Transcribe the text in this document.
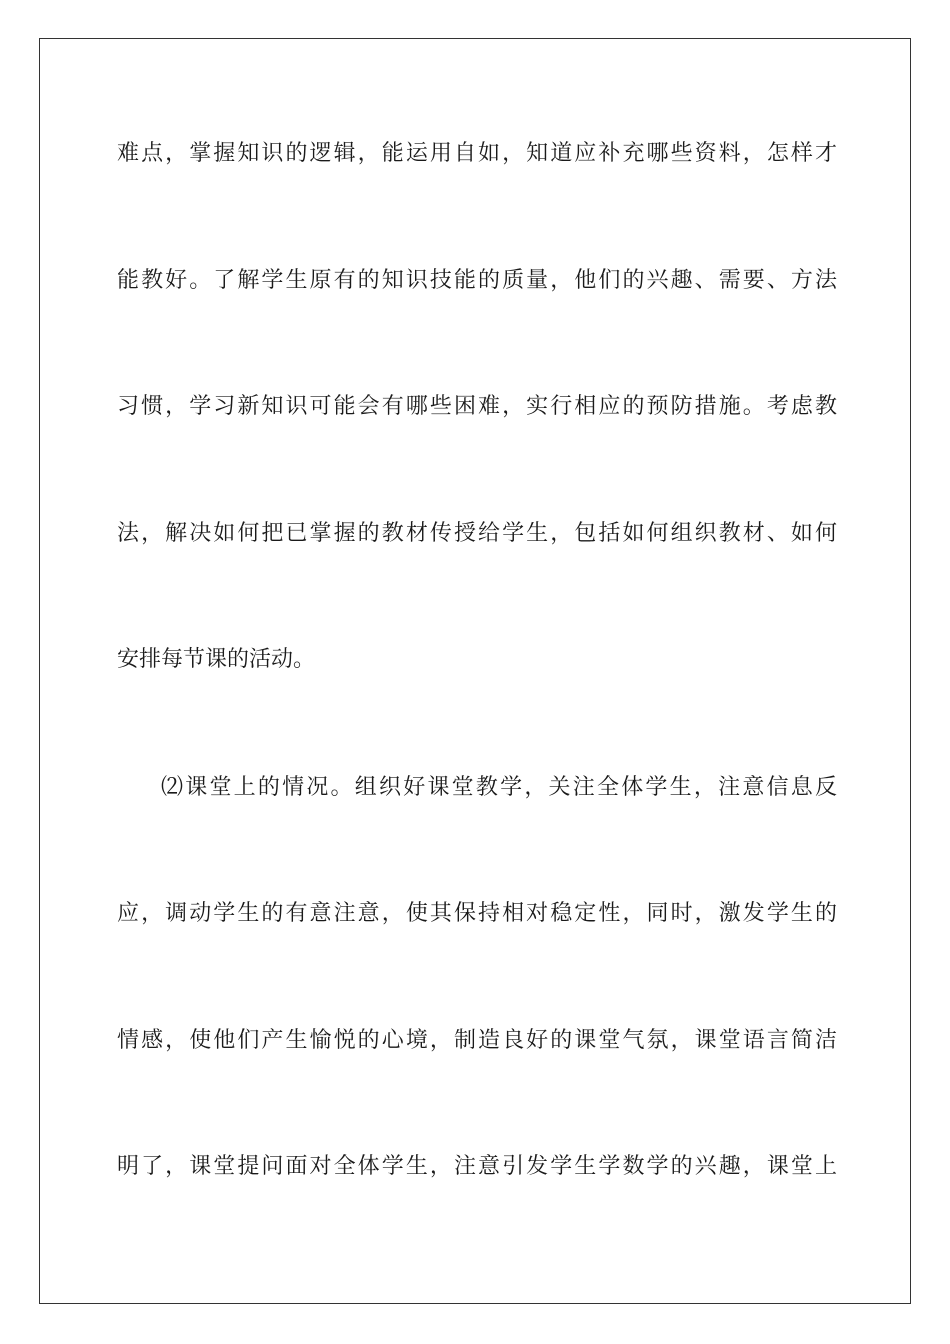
难点，掌握知识的逻辑，能运用自如，知道应补充哪些资料，怎样才

能教好。了解学生原有的知识技能的质量，他们的兴趣、需要、方法

习惯，学习新知识可能会有哪些困难，实行相应的预防措施。考虑教

法，解决如何把已掌握的教材传授给学生，包括如何组织教材、如何

安排每节课的活动。

⑵课堂上的情况。组织好课堂教学，关注全体学生，注意信息反

应，调动学生的有意注意，使其保持相对稳定性，同时，激发学生的

情感，使他们产生愉悦的心境，制造良好的课堂气氛，课堂语言简洁

明了，课堂提问面对全体学生，注意引发学生学数学的兴趣，课堂上
